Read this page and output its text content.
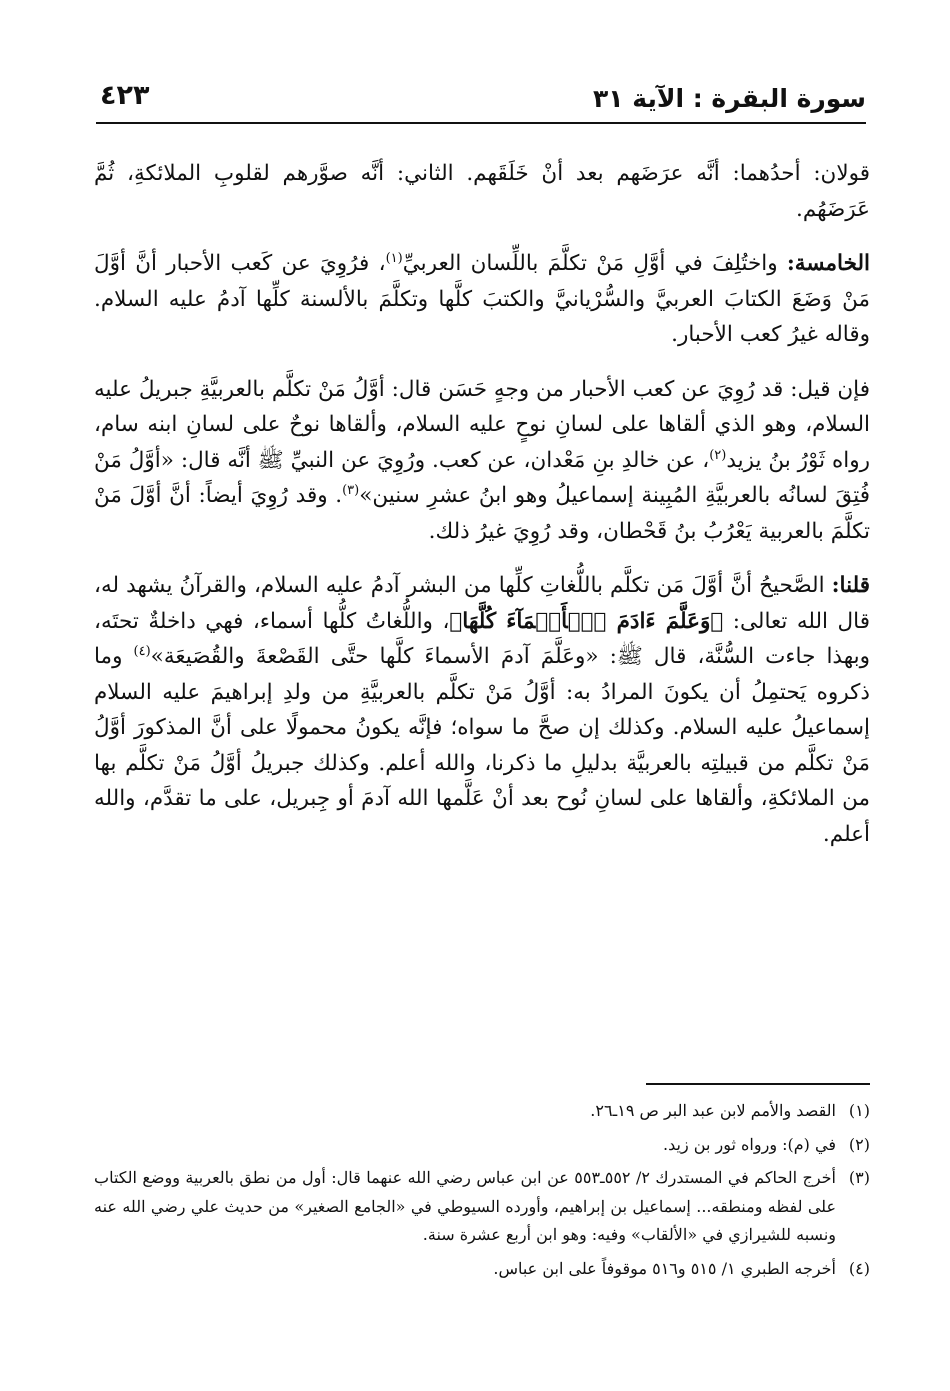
سورة البقرة : الآية ٣١
٤٢٣

قولان: أحدُهما: أنَّه عرَضَهم بعد أنْ خَلَقَهم. الثاني: أنَّه صوَّرهم لقلوبِ الملائكةِ، ثُمَّ عَرَضَهُم.

الخامسة: واختُلِفَ في أوَّلِ مَنْ تكلَّمَ باللِّسان العربيِّ$^{(١)}$، فرُوِيَ عن كَعب الأحبار أنَّ أوَّلَ مَنْ وَضَعَ الكتابَ العربيَّ والسُّرْيانيَّ والكتبَ كلَّها وتكلَّمَ بالألسنة كلِّها آدمُ عليه السلام. وقاله غيرُ كعب الأحبار.

فإن قيل: قد رُوِيَ عن كعب الأحبار من وجهٍ حَسَن قال: أوَّلُ مَنْ تكلَّم بالعربيَّةِ جبريلُ عليه السلام، وهو الذي ألقاها على لسانِ نوحٍ عليه السلام، وألقاها نوحٌ على لسانِ ابنه سام، رواه ثَوْرُ بنُ يزيد$^{(٢)}$، عن خالدِ بنِ مَعْدان، عن كعب. ورُوِيَ عن النبيِّ ﷺ أنَّه قال: «أوَّلُ مَنْ فُتِقَ لسانُه بالعربيَّةِ المُبِينة إسماعيلُ وهو ابنُ عشرِ سنين»$^{(٣)}$. وقد رُوِيَ أيضاً: أنَّ أوَّلَ مَنْ تكلَّمَ بالعربية يَعْرُبُ بنُ قَحْطان، وقد رُوِيَ غيرُ ذلك.

قلنا: الصَّحيحُ أنَّ أوَّلَ مَن تكلَّم باللُّغاتِ كلِّها من البشر آدمُ عليه السلام، والقرآنُ يشهد له، قال الله تعالى: ﴿وَعَلَّمَ ءَادَمَ ٱلۡأَسۡمَآءَ كُلَّهَا﴾، واللُّغاتُ كلُّها أسماء، فهي داخلةٌ تحتَه، وبهذا جاءت السُّنَّة، قال ﷺ: «وعَلَّمَ آدمَ الأسماءَ كلَّها حتَّى القَصْعةَ والقُصَيعَة»$^{(٤)}$ وما ذكروه يَحتمِلُ أن يكونَ المرادُ به: أوَّلُ مَنْ تكلَّم بالعربيَّةِ من ولدِ إبراهيمَ عليه السلام إسماعيلُ عليه السلام. وكذلك إن صحَّ ما سواه؛ فإنَّه يكونُ محمولًا على أنَّ المذكورَ أوَّلُ مَنْ تكلَّم من قبيلتِه بالعربيَّة بدليلِ ما ذكرنا، والله أعلم. وكذلك جبريلُ أوَّلُ مَنْ تكلَّم بها من الملائكةِ، وألقاها على لسانِ نُوح بعد أنْ عَلَّمها الله آدمَ أو جِبريل، على ما تقدَّم، والله أعلم.

(١)
القصد والأمم لابن عبد البر ص ١٩ـ٢٦.
(٢)
في (م): ورواه ثور بن زيد.
(٣)
أخرج الحاكم في المستدرك ٢/ ٥٥٢ـ٥٥٣ عن ابن عباس رضي الله عنهما قال: أول من نطق بالعربية ووضع الكتاب على لفظه ومنطقه... إسماعيل بن إبراهيم، وأورده السيوطي في «الجامع الصغير» من حديث علي رضي الله عنه ونسبه للشيرازي في «الألقاب» وفيه: وهو ابن أربع عشرة سنة.
(٤)
أخرجه الطبري ١/ ٥١٥ و٥١٦ موقوفاً على ابن عباس.
